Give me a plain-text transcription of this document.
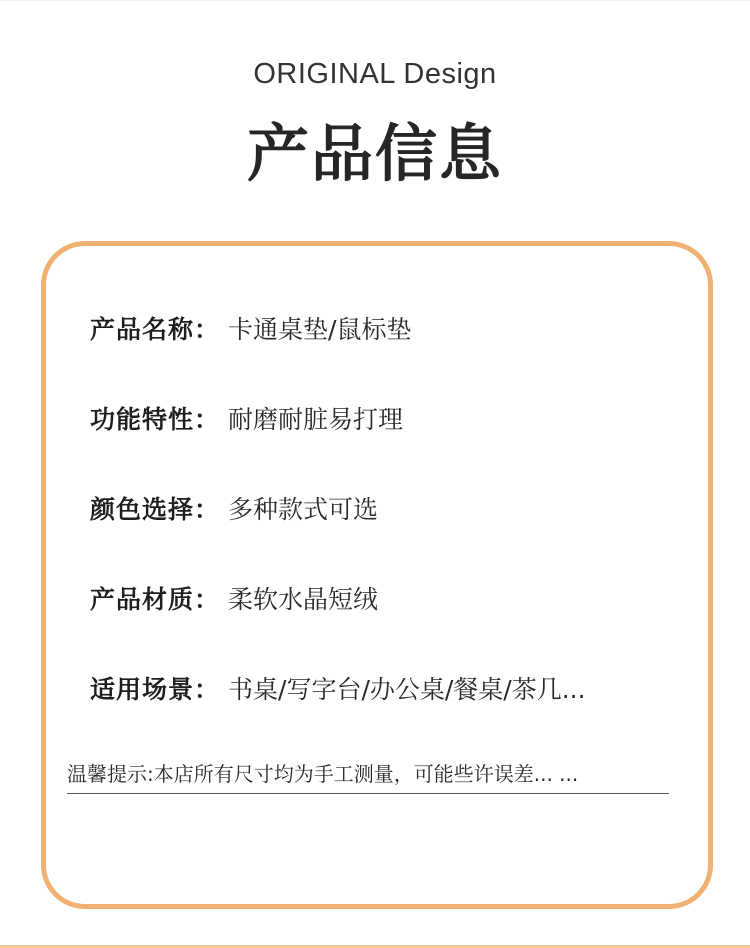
ORIGINAL Design
产品信息
产品名称： 卡通桌垫/鼠标垫
功能特性： 耐磨耐脏易打理
颜色选择： 多种款式可选
产品材质： 柔软水晶短绒
适用场景： 书桌/写字台/办公桌/餐桌/茶几...
温馨提示:本店所有尺寸均为手工测量，可能些许误差... ...
